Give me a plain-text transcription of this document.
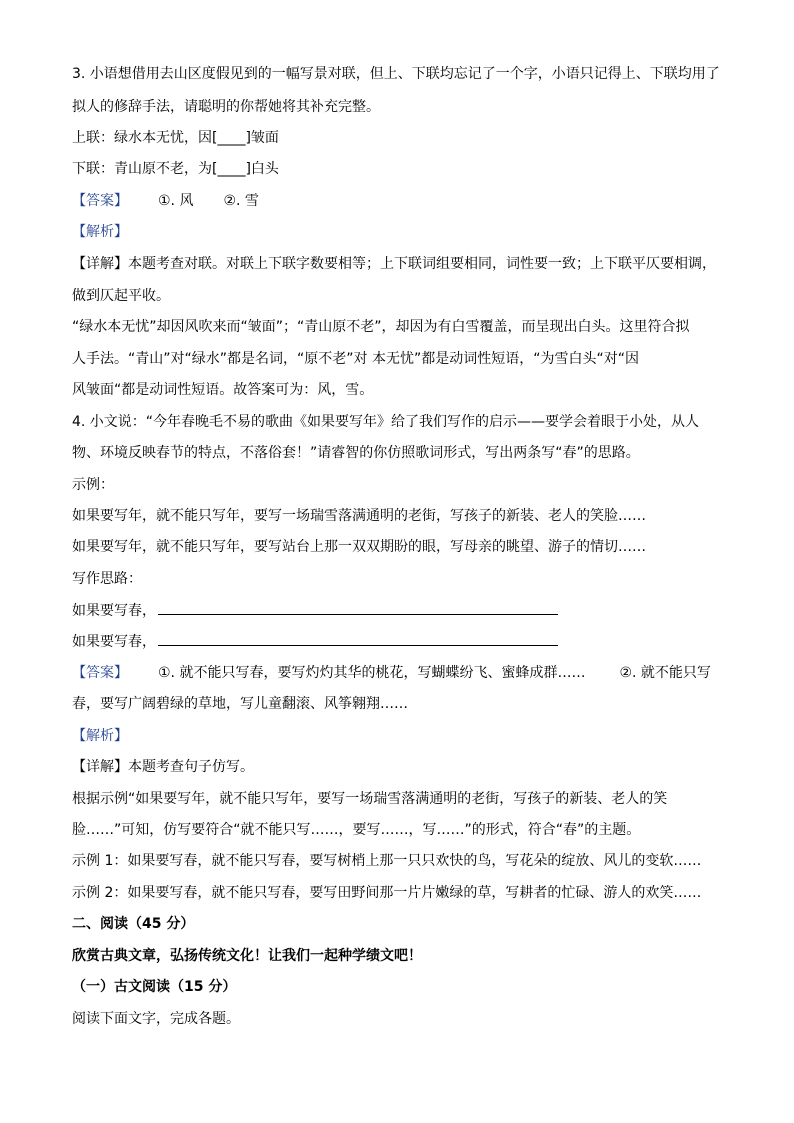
3. 小语想借用去山区度假见到的一幅写景对联，但上、下联均忘记了一个字，小语只记得上、下联均用了
拟人的修辞手法，请聪明的你帮她将其补充完整。
上联：绿水本无忧，因[____]皱面
下联：青山原不老，为[____]白头
【答案】 ①. 风 ②. 雪
【解析】
【详解】本题考查对联。对联上下联字数要相等；上下联词组要相同，词性要一致；上下联平仄要相调，
做到仄起平收。
“绿水本无忧”却因风吹来而“皱面”；“青山原不老”，却因为有白雪覆盖，而呈现出白头。这里符合拟
人手法。“青山”对“绿水”都是名词，“原不老”对 本无忧”都是动词性短语，“为雪白头“对“因
风皱面“都是动词性短语。故答案可为：风，雪。
4. 小文说：“今年春晚毛不易的歌曲《如果要写年》给了我们写作的启示——要学会着眼于小处，从人
物、环境反映春节的特点，不落俗套！”请睿智的你仿照歌词形式，写出两条写“春”的思路。
示例：
如果要写年，就不能只写年，要写一场瑞雪落满通明的老街，写孩子的新装、老人的笑脸……
如果要写年，就不能只写年，要写站台上那一双双期盼的眼，写母亲的眺望、游子的情切……
写作思路：
如果要写春，
如果要写春，
【答案】 ①. 就不能只写春，要写灼灼其华的桃花，写蝴蝶纷飞、蜜蜂成群…… ②. 就不能只写
春，要写广阔碧绿的草地，写儿童翻滚、风筝翱翔……
【解析】
【详解】本题考查句子仿写。
根据示例“如果要写年，就不能只写年，要写一场瑞雪落满通明的老街，写孩子的新装、老人的笑
脸……”可知，仿写要符合“就不能只写……，要写……，写……”的形式，符合“春”的主题。
示例 1：如果要写春，就不能只写春，要写树梢上那一只只欢快的鸟，写花朵的绽放、风儿的变软……
示例 2：如果要写春，就不能只写春，要写田野间那一片片嫩绿的草，写耕者的忙碌、游人的欢笑……
二、阅读（45 分）
欣赏古典文章，弘扬传统文化！让我们一起种学绩文吧！
（一）古文阅读（15 分）
阅读下面文字，完成各题。
